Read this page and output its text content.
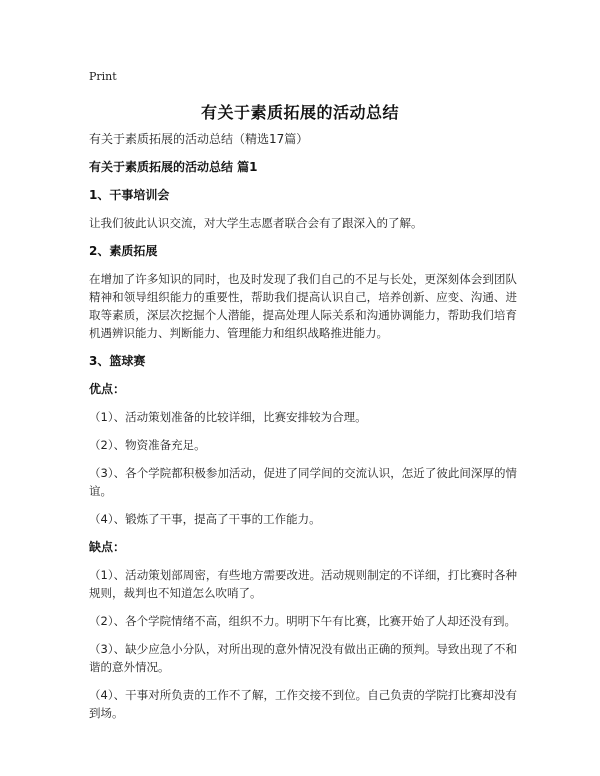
Print
有关于素质拓展的活动总结

有关于素质拓展的活动总结（精选17篇）

有关于素质拓展的活动总结 篇1

1、干事培训会

让我们彼此认识交流，对大学生志愿者联合会有了跟深入的了解。

2、素质拓展

在增加了许多知识的同时，也及时发现了我们自己的不足与长处，更深刻体会到团队精神和领导组织能力的重要性，帮助我们提高认识自己，培养创新、应变、沟通、进取等素质，深层次挖掘个人潜能，提高处理人际关系和沟通协调能力，帮助我们培育机遇辨识能力、判断能力、管理能力和组织战略推进能力。

3、篮球赛

优点：

（1）、活动策划准备的比较详细，比赛安排较为合理。

（2）、物资准备充足。

（3）、各个学院都积极参加活动，促进了同学间的交流认识，怎近了彼此间深厚的情谊。

（4）、锻炼了干事，提高了干事的工作能力。

缺点：

（1）、活动策划部周密，有些地方需要改进。活动规则制定的不详细，打比赛时各种规则，裁判也不知道怎么吹哨了。

（2）、各个学院情绪不高，组织不力。明明下午有比赛，比赛开始了人却还没有到。

（3）、缺少应急小分队，对所出现的意外情况没有做出正确的预判。导致出现了不和谐的意外情况。

（4）、干事对所负责的工作不了解，工作交接不到位。自己负责的学院打比赛却没有到场。
